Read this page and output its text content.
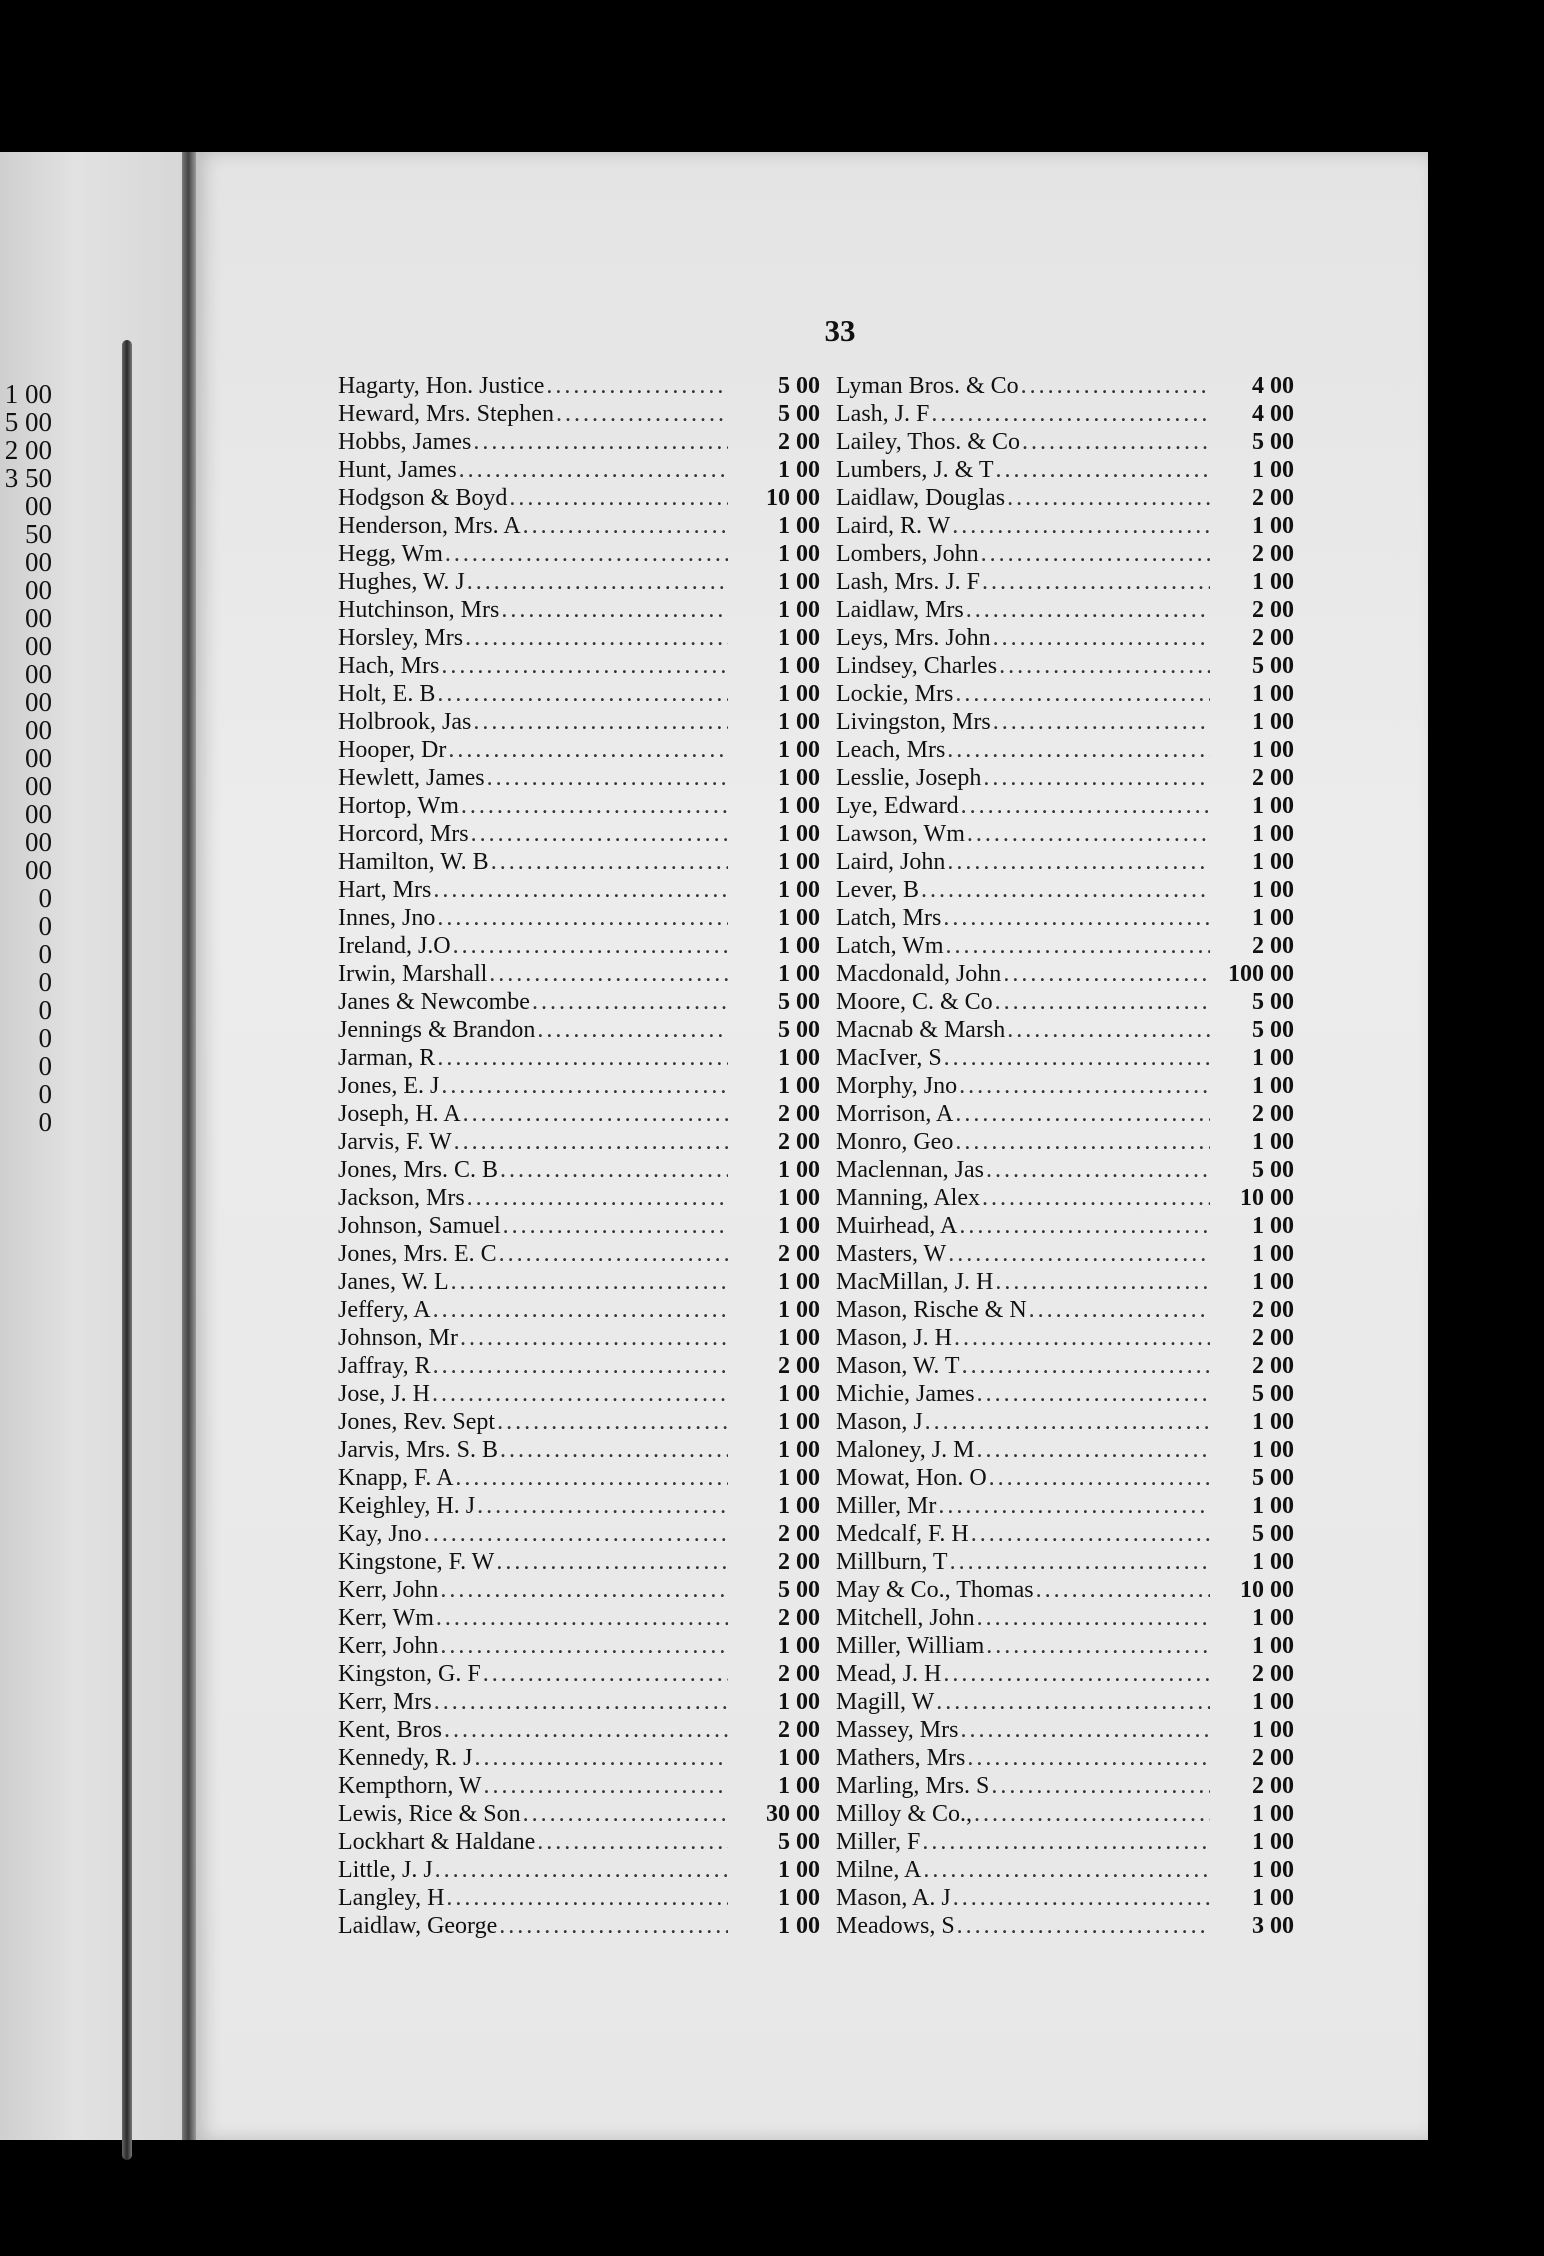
1 00
5 00
2 00
3 50
00
50
00
00
00
00
00
00
00
00
00
00
00
00
0
0
0
0
0
0
0
0
0
33
Hagarty, Hon. Justice .....	5 00
Heward, Mrs. Stephen .....	5 00
Hobbs, James .....	2 00
Hunt, James .....	1 00
Hodgson & Boyd .....	10 00
Henderson, Mrs. A .....	1 00
Hegg, Wm .....	1 00
Hughes, W. J .....	1 00
Hutchinson, Mrs .....	1 00
Horsley, Mrs .....	1 00
Hach, Mrs .....	1 00
Holt, E. B .....	1 00
Holbrook, Jas .....	1 00
Hooper, Dr .....	1 00
Hewlett, James .....	1 00
Hortop, Wm .....	1 00
Horcord, Mrs .....	1 00
Hamilton, W. B .....	1 00
Hart, Mrs .....	1 00
Innes, Jno .....	1 00
Ireland, J.O .....	1 00
Irwin, Marshall .....	1 00
Janes & Newcombe .....	5 00
Jennings & Brandon .....	5 00
Jarman, R .....	1 00
Jones, E. J .....	1 00
Joseph, H. A .....	2 00
Jarvis, F. W .....	2 00
Jones, Mrs. C. B .....	1 00
Jackson, Mrs .....	1 00
Johnson, Samuel .....	1 00
Jones, Mrs. E. C .....	2 00
Janes, W. L .....	1 00
Jeffery, A .....	1 00
Johnson, Mr .....	1 00
Jaffray, R .....	2 00
Jose, J. H .....	1 00
Jones, Rev. Sept .....	1 00
Jarvis, Mrs. S. B .....	1 00
Knapp, F. A .....	1 00
Keighley, H. J .....	1 00
Kay, Jno .....	2 00
Kingstone, F. W .....	2 00
Kerr, John .....	5 00
Kerr, Wm .....	2 00
Kerr, John .....	1 00
Kingston, G. F .....	2 00
Kerr, Mrs .....	1 00
Kent, Bros .....	2 00
Kennedy, R. J .....	1 00
Kempthorn, W .....	1 00
Lewis, Rice & Son .....	30 00
Lockhart & Haldane .....	5 00
Little, J. J .....	1 00
Langley, H .....	1 00
Laidlaw, George .....	1 00
Lyman Bros. & Co .....	4 00
Lash, J. F .....	4 00
Lailey, Thos. & Co .....	5 00
Lumbers, J. & T .....	1 00
Laidlaw, Douglas .....	2 00
Laird, R. W .....	1 00
Lombers, John .....	2 00
Lash, Mrs. J. F .....	1 00
Laidlaw, Mrs .....	2 00
Leys, Mrs. John .....	2 00
Lindsey, Charles .....	5 00
Lockie, Mrs .....	1 00
Livingston, Mrs .....	1 00
Leach, Mrs .....	1 00
Lesslie, Joseph .....	2 00
Lye, Edward .....	1 00
Lawson, Wm .....	1 00
Laird, John .....	1 00
Lever, B .....	1 00
Latch, Mrs .....	1 00
Latch, Wm .....	2 00
Macdonald, John .....	100 00
Moore, C. & Co .....	5 00
Macnab & Marsh .....	5 00
MacIver, S .....	1 00
Morphy, Jno .....	1 00
Morrison, A .....	2 00
Monro, Geo .....	1 00
Maclennan, Jas .....	5 00
Manning, Alex .....	10 00
Muirhead, A .....	1 00
Masters, W .....	1 00
MacMillan, J. H .....	1 00
Mason, Rische & N .....	2 00
Mason, J. H .....	2 00
Mason, W. T .....	2 00
Michie, James .....	5 00
Mason, J .....	1 00
Maloney, J. M .....	1 00
Mowat, Hon. O .....	5 00
Miller, Mr .....	1 00
Medcalf, F. H .....	5 00
Millburn, T .....	1 00
May & Co., Thomas .....	10 00
Mitchell, John .....	1 00
Miller, William .....	1 00
Mead, J. H .....	2 00
Magill, W .....	1 00
Massey, Mrs .....	1 00
Mathers, Mrs .....	2 00
Marling, Mrs. S .....	2 00
Milloy & Co., .....	1 00
Miller, F .....	1 00
Milne, A .....	1 00
Mason, A. J .....	1 00
Meadows, S .....	3 00
